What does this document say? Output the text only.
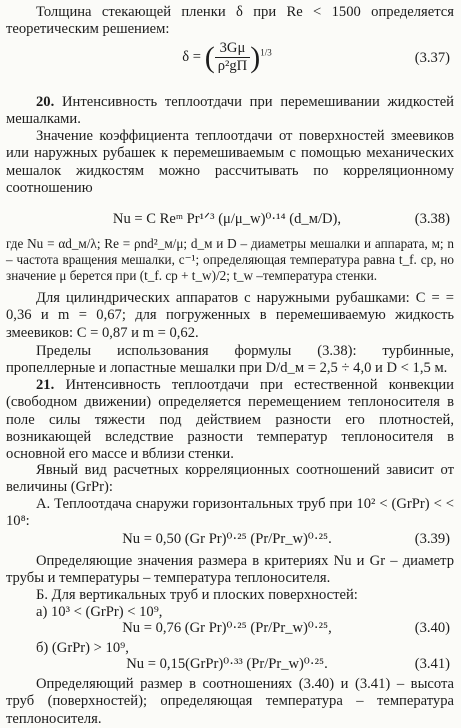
Толщина стекающей пленки δ при Re < 1500 определяется теоретическим решением:

δ = ( $\frac{3G\mu}{\text{ρ²gΠ}} )^{1/3}$	(3.37)

20. Интенсивность теплоотдачи при перемешивании жидкостей мешалками.

Значение коэффициента теплоотдачи от поверхностей змеевиков или наружных рубашек к перемешиваемым с помощью механических мешалок жидкостям можно рассчитывать по корреляционному соотношению

Nu = C Reᵐ Pr¹ᐟ³ (μ/μ_w)⁰·¹⁴ (d_м/D),	(3.38)

где Nu = αd_м/λ; Re = ρnd²_м/μ; d_м и D – диаметры мешалки и аппарата, м; n – частота вращения мешалки, с⁻¹; определяющая температура равна t_f. ср, но значение μ берется при (t_f. ср + t_w)/2; t_w –температура стенки.

Для цилиндрических аппаратов с наружными рубашками: C = = 0,36 и m = 0,67; для погруженных в перемешиваемую жидкость змеевиков: C = 0,87 и m = 0,62.

Пределы использования формулы (3.38): турбинные, пропеллерные и лопастные мешалки при D/d_м = 2,5 ÷ 4,0 и D < 1,5 м.

21. Интенсивность теплоотдачи при естественной конвекции (свободном движении) определяется перемещением теплоносителя в поле силы тяжести под действием разности его плотностей, возникающей вследствие разности температур теплоносителя в основной его массе и вблизи стенки.

Явный вид расчетных корреляционных соотношений зависит от величины (GrPr):

А. Теплоотдача снаружи горизонтальных труб при 10² < (GrPr) < < 10⁸:

Nu = 0,50 (Gr Pr)⁰·²⁵ (Pr/Pr_w)⁰·²⁵.	(3.39)

Определяющие значения размера в критериях Nu и Gr – диаметр трубы и температуры – температура теплоносителя.

Б. Для вертикальных труб и плоских поверхностей:

а) 10³ < (GrPr) < 10⁹,

Nu = 0,76 (Gr Pr)⁰·²⁵ (Pr/Pr_w)⁰·²⁵,	(3.40)

б) (GrPr) > 10⁹,

Nu = 0,15(GrPr)⁰·³³ (Pr/Pr_w)⁰·²⁵.	(3.41)

Определяющий размер в соотношениях (3.40) и (3.41) – высота труб (поверхностей); определяющая температура – температура теплоносителя.
